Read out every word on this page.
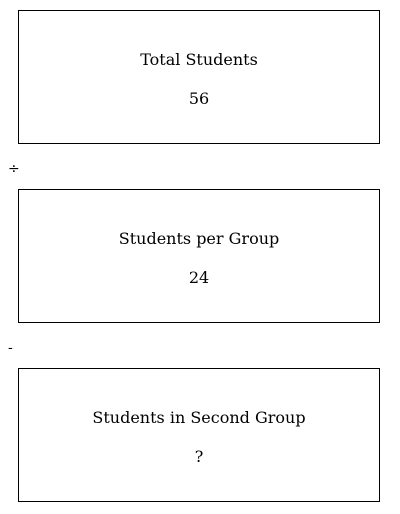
Total Students
56
÷
Students per Group
24
-
Students in Second Group
?
